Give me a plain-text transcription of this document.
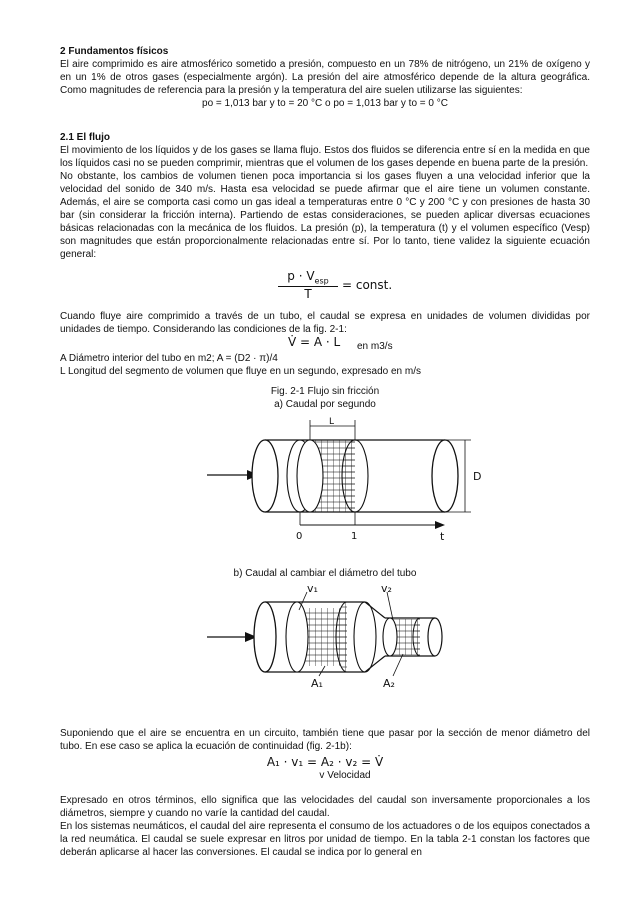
2 Fundamentos físicos

El aire comprimido es aire atmosférico sometido a presión, compuesto en un 78% de nitrógeno, un 21% de oxígeno y en un 1% de otros gases (especialmente argón). La presión del aire atmosférico depende de la altura geográfica. Como magnitudes de referencia para la presión y la temperatura del aire suelen utilizarse las siguientes:

po = 1,013 bar y to = 20 °C o po = 1,013 bar y to = 0 °C

2.1 El flujo

El movimiento de los líquidos y de los gases se llama flujo. Estos dos fluidos se diferencia entre sí en la medida en que los líquidos casi no se pueden comprimir, mientras que el volumen de los gases depende en buena parte de la presión.

No obstante, los cambios de volumen tienen poca importancia si los gases fluyen a una velocidad inferior que la velocidad del sonido de 340 m/s. Hasta esa velocidad se puede afirmar que el aire tiene un volumen constante. Además, el aire se comporta casi como un gas ideal a temperaturas entre 0 °C y 200 °C y con presiones de hasta 30 bar (sin considerar la fricción interna). Partiendo de estas consideraciones, se pueden aplicar diversas ecuaciones básicas relacionadas con la mecánica de los fluidos. La presión (p), la temperatura (t) y el volumen específico (Vesp) son magnitudes que están proporcionalmente relacionadas entre sí. Por lo tanto, tiene validez la siguiente ecuación general:

$p \cdot V_{esp}$
T
= const.

Cuando fluye aire comprimido a través de un tubo, el caudal se expresa en unidades de volumen divididas por unidades de tiempo. Considerando las condiciones de la fig. 2-1:

V̇ = A · L en m3/s

A Diámetro interior del tubo en m2; A = (D2 · π)/4

L Longitud del segmento de volumen que fluye en un segundo, expresado en m/s

Fig. 2-1 Flujo sin fricción

a) Caudal por segundo

L
D
0	1	t

b) Caudal al cambiar el diámetro del tubo

v₁	v₂
A₁	A₂

Suponiendo que el aire se encuentra en un circuito, también tiene que pasar por la sección de menor diámetro del tubo. En ese caso se aplica la ecuación de continuidad (fig. 2-1b):

A₁ · v₁ = A₂ · v₂ = V̇

v Velocidad

Expresado en otros términos, ello significa que las velocidades del caudal son inversamente proporcionales a los diámetros, siempre y cuando no varíe la cantidad del caudal.

En los sistemas neumáticos, el caudal del aire representa el consumo de los actuadores o de los equipos conectados a la red neumática. El caudal se suele expresar en litros por unidad de tiempo. En la tabla 2-1 constan los factores que deberán aplicarse al hacer las conversiones. El caudal se indica por lo general en
